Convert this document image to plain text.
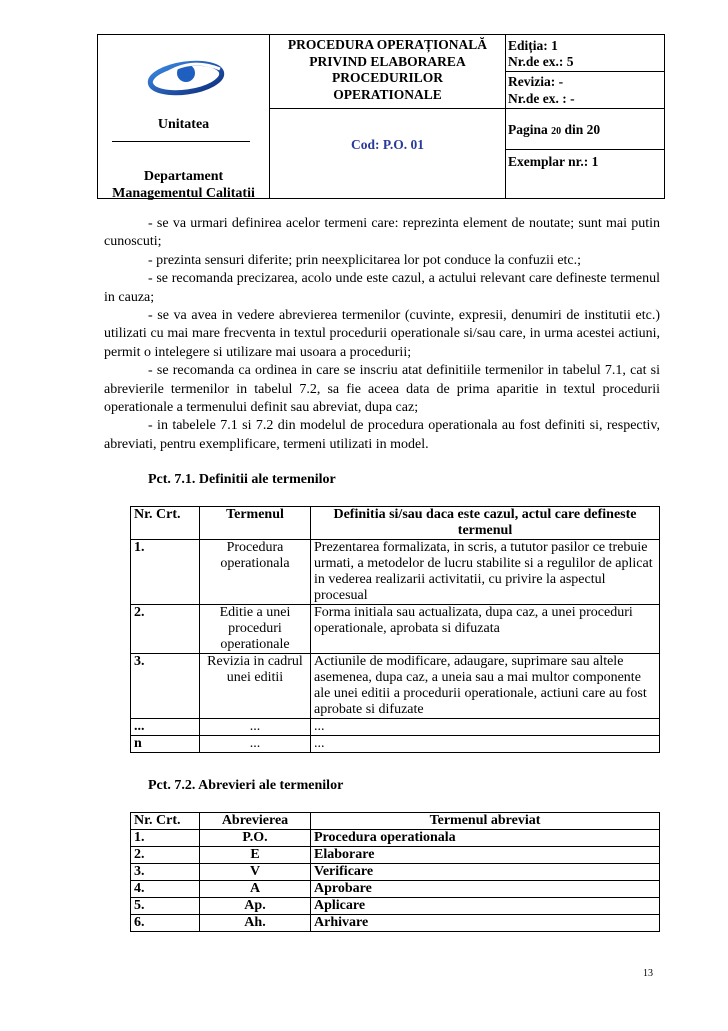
Unitatea
Departament
Managementul Calitatii
PROCEDURA OPERAȚIONALĂ
PRIVIND ELABORAREA
PROCEDURILOR
OPERATIONALE
Cod: P.O. 01
Ediția: 1
Nr.de ex.: 5
Revizia: -
Nr.de ex. : -
Pagina 20 din 20
Exemplar nr.: 1

- se va urmari definirea acelor termeni care: reprezinta element de noutate; sunt mai putin cunoscuti;

- prezinta sensuri diferite; prin neexplicitarea lor pot conduce la confuzii etc.;

- se recomanda precizarea, acolo unde este cazul, a actului relevant care defineste termenul in cauza;

- se va avea in vedere abrevierea termenilor (cuvinte, expresii, denumiri de institutii etc.) utilizati cu mai mare frecventa in textul procedurii operationale si/sau care, in urma acestei actiuni, permit o intelegere si utilizare mai usoara a procedurii;

- se recomanda ca ordinea in care se inscriu atat definitiile termenilor in tabelul 7.1, cat si abrevierile termenilor in tabelul 7.2, sa fie aceea data de prima aparitie in textul procedurii operationale a termenului definit sau abreviat, dupa caz;

- in tabelele 7.1 si 7.2 din modelul de procedura operationala au fost definiti si, respectiv, abreviati, pentru exemplificare, termeni utilizati in model.

Pct. 7.1. Definitii ale termenilor
Nr. Crt.	Termenul	Definitia si/sau daca este cazul, actul care defineste termenul
1.	Procedura operationala	Prezentarea formalizata, in scris, a tututor pasilor ce trebuie urmati, a metodelor de lucru stabilite si a regulilor de aplicat in vederea realizarii activitatii, cu privire la aspectul procesual
2.	Editie a unei proceduri operationale	Forma initiala sau actualizata, dupa caz, a unei proceduri operationale, aprobata si difuzata
3.	Revizia in cadrul unei editii	Actiunile de modificare, adaugare, suprimare sau altele asemenea, dupa caz, a uneia sau a mai multor componente ale unei editii a procedurii operationale, actiuni care au fost aprobate si difuzate
...	...	...
n	...	...
Pct. 7.2. Abrevieri ale termenilor
Nr. Crt.	Abrevierea	Termenul abreviat
1.	P.O.	Procedura operationala
2.	E	Elaborare
3.	V	Verificare
4.	A	Aprobare
5.	Ap.	Aplicare
6.	Ah.	Arhivare
13
